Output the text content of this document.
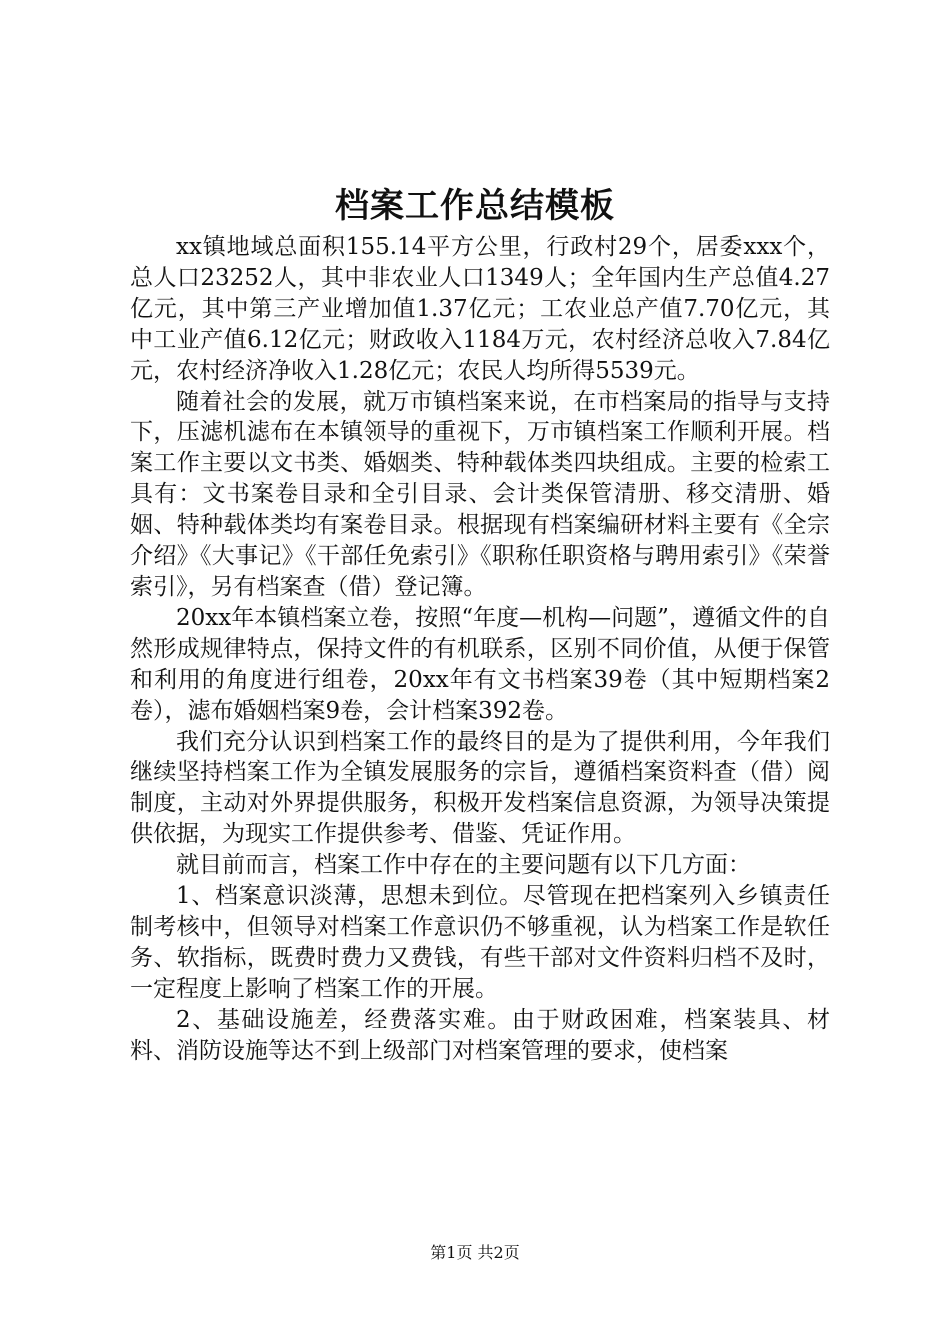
档案工作总结模板

xx镇地域总面积155.14平方公里，行政村29个，居委xxx个，总人口23252人，其中非农业人口1349人；全年国内生产总值4.27亿元，其中第三产业增加值1.37亿元；工农业总产值7.70亿元，其中工业产值6.12亿元；财政收入1184万元，农村经济总收入7.84亿元，农村经济净收入1.28亿元；农民人均所得5539元。

随着社会的发展，就万市镇档案来说，在市档案局的指导与支持下，压滤机滤布在本镇领导的重视下，万市镇档案工作顺利开展。档案工作主要以文书类、婚姻类、特种载体类四块组成。主要的检索工具有：文书案卷目录和全引目录、会计类保管清册、移交清册、婚姻、特种载体类均有案卷目录。根据现有档案编研材料主要有《全宗介绍》《大事记》《干部任免索引》《职称任职资格与聘用索引》《荣誉索引》，另有档案查（借）登记簿。

20xx年本镇档案立卷，按照“年度—机构—问题”，遵循文件的自然形成规律特点，保持文件的有机联系，区别不同价值，从便于保管和利用的角度进行组卷，20xx年有文书档案39卷（其中短期档案2卷），滤布婚姻档案9卷，会计档案392卷。

我们充分认识到档案工作的最终目的是为了提供利用，今年我们继续坚持档案工作为全镇发展服务的宗旨，遵循档案资料查（借）阅制度，主动对外界提供服务，积极开发档案信息资源，为领导决策提供依据，为现实工作提供参考、借鉴、凭证作用。

就目前而言，档案工作中存在的主要问题有以下几方面：

1、档案意识淡薄，思想未到位。尽管现在把档案列入乡镇责任制考核中，但领导对档案工作意识仍不够重视，认为档案工作是软任务、软指标，既费时费力又费钱，有些干部对文件资料归档不及时，一定程度上影响了档案工作的开展。

2、基础设施差，经费落实难。由于财政困难，档案装具、材料、消防设施等达不到上级部门对档案管理的要求，使档案

第1页 共2页
